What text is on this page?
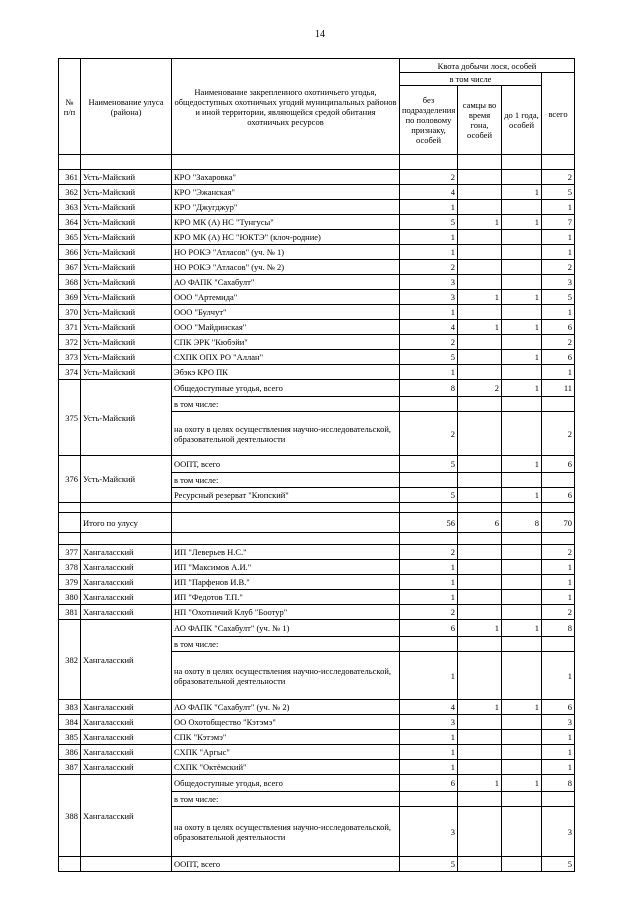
14
№ п/п	Наименование улуса (района)	Наименование закрепленного охотничьего угодья, общедоступных охотничьих угодий муниципальных районов и иной территории, являющейся средой обитания охотничьих ресурсов	Квота добычи лося, особей			
			в том числе			всего
			без подразделения по половому признаку, особей	самцы во время гона, особей	до 1 года, особей	

361	Усть-Майский	КРО "Захаровка"	2			2
362	Усть-Майский	КРО "Эжанская"	4		1	5
363	Усть-Майский	КРО "Джугджур"	1			1
364	Усть-Майский	КРО МК (А) НС "Тунгусы"	5	1	1	7
365	Усть-Майский	КРО МК (А) НС "ЮКТЭ" (клоч-родние)	1			1
366	Усть-Майский	НО РОКЭ "Атласов" (уч. № 1)	1			1
367	Усть-Майский	НО РОКЭ "Атласов" (уч. № 2)	2			2
368	Усть-Майский	АО ФАПК "Сахабулт"	3			3
369	Усть-Майский	ООО "Артемида"	3	1	1	5
370	Усть-Майский	ООО "Булчут"	1			1
371	Усть-Майский	ООО "Майдинская"	4	1	1	6
372	Усть-Майский	СПК ЭРК "Кюбэйи"	2			2
373	Усть-Майский	СХПК ОПХ РО "Аллан"	5		1	6
374	Усть-Майский	Эбэкэ КРО ПК	1			1
375	Усть-Майский	Общедоступные угодья, всего	8	2	1	11
		в том числе:				
		на охоту в целях осуществления научно-исследовательской, образовательной деятельности	2			2
376	Усть-Майский	ООПТ, всего	5		1	6
		в том числе:				
		Ресурсный резерват "Кюпский"	5		1	6

	Итого по улусу		56	6	8	70

377	Хангаласский	ИП "Леверьев Н.С."	2			2
378	Хангаласский	ИП "Максимов А.И."	1			1
379	Хангаласский	ИП "Парфенов И.В."	1			1
380	Хангаласский	ИП "Федотов Т.П."	1			1
381	Хангаласский	НП "Охотничий Клуб "Боотур"	2			2
382	Хангаласский	АО ФАПК "Сахабулт" (уч. № 1)	6	1	1	8
		в том числе:				
		на охоту в целях осуществления научно-исследовательской, образовательной деятельности	1			1
383	Хангаласский	АО ФАПК "Сахабулт" (уч. № 2)	4	1	1	6
384	Хангаласский	ОО Охотобщество "Кэтэмэ"	3			3
385	Хангаласский	СПК "Кэтэмэ"	1			1
386	Хангаласский	СХПК "Аргыс"	1			1
387	Хангаласский	СХПК "Октёмский"	1			1
388	Хангаласский	Общедоступные угодья, всего	6	1	1	8
		в том числе:				
		на охоту в целях осуществления научно-исследовательской, образовательной деятельности	3			3
		ООПТ, всего	5			5
